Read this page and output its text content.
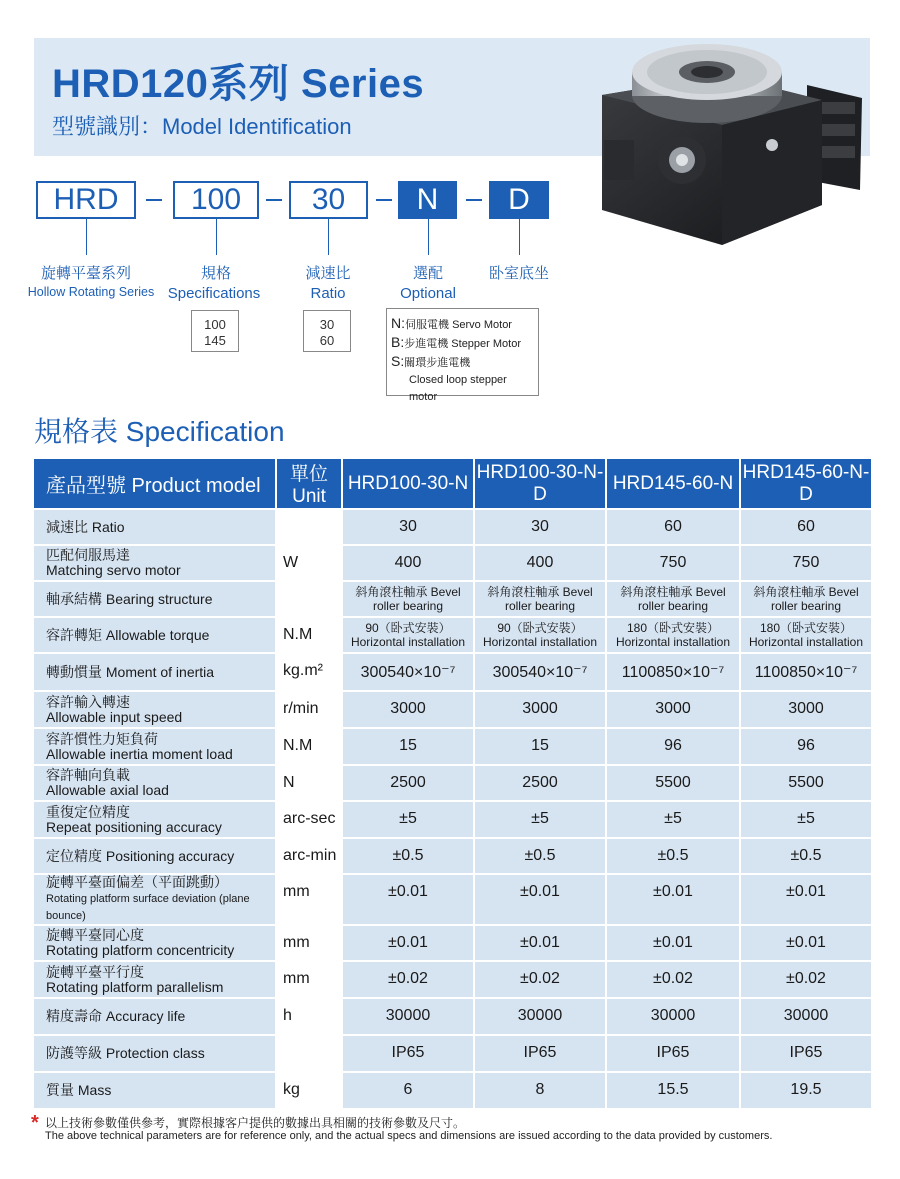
HRD120系列 Series

型號識別：Model Identification

HRD	100	30	N	D
旋轉平臺系列
Hollow Rotating Series
規格
Specifications
減速比
Ratio
選配
Optional
卧室底坐
100
145
30
60
N:伺服電機 Servo Motor
B:步進電機 Stepper Motor
S:關環步進電機
Closed loop stepper motor
規格表 Specification
產品型號 Product model	單位 Unit	HRD100-30-N	HRD100-30-N-D	HRD145-60-N	HRD145-60-N-D
減速比 Ratio		30	30	60	60
匹配伺服馬達
Matching servo motor	W	400	400	750	750
軸承結構 Bearing structure		斜角滾柱軸承 Bevel roller bearing	斜角滾柱軸承 Bevel roller bearing	斜角滾柱軸承 Bevel roller bearing	斜角滾柱軸承 Bevel roller bearing
容許轉矩 Allowable torque	N.M	90（卧式安裝） Horizontal installation	90（卧式安裝） Horizontal installation	180（卧式安裝） Horizontal installation	180（卧式安裝） Horizontal installation
轉動慣量 Moment of inertia	kg.m²	300540×10⁻⁷	300540×10⁻⁷	1100850×10⁻⁷	1100850×10⁻⁷
容許輸入轉速
Allowable input speed	r/min	3000	3000	3000	3000
容許慣性力矩負荷
Allowable inertia moment load	N.M	15	15	96	96
容許軸向負載
Allowable axial load	N	2500	2500	5500	5500
重復定位精度
Repeat positioning accuracy	arc-sec	±5	±5	±5	±5
定位精度 Positioning accuracy	arc-min	±0.5	±0.5	±0.5	±0.5
旋轉平臺面偏差（平面跳動）
Rotating platform surface deviation (plane bounce)	mm	±0.01	±0.01	±0.01	±0.01
旋轉平臺同心度
Rotating platform concentricity	mm	±0.01	±0.01	±0.01	±0.01
旋轉平臺平行度
Rotating platform parallelism	mm	±0.02	±0.02	±0.02	±0.02
精度壽命 Accuracy life	h	30000	30000	30000	30000
防護等級 Protection class		IP65	IP65	IP65	IP65
質量 Mass	kg	6	8	15.5	19.5
* 以上技術參數僅供參考，實際根據客户提供的數據出具相關的技術參數及尺寸。
The above technical parameters are for reference only, and the actual specs and dimensions are issued according to the data provided by customers.
